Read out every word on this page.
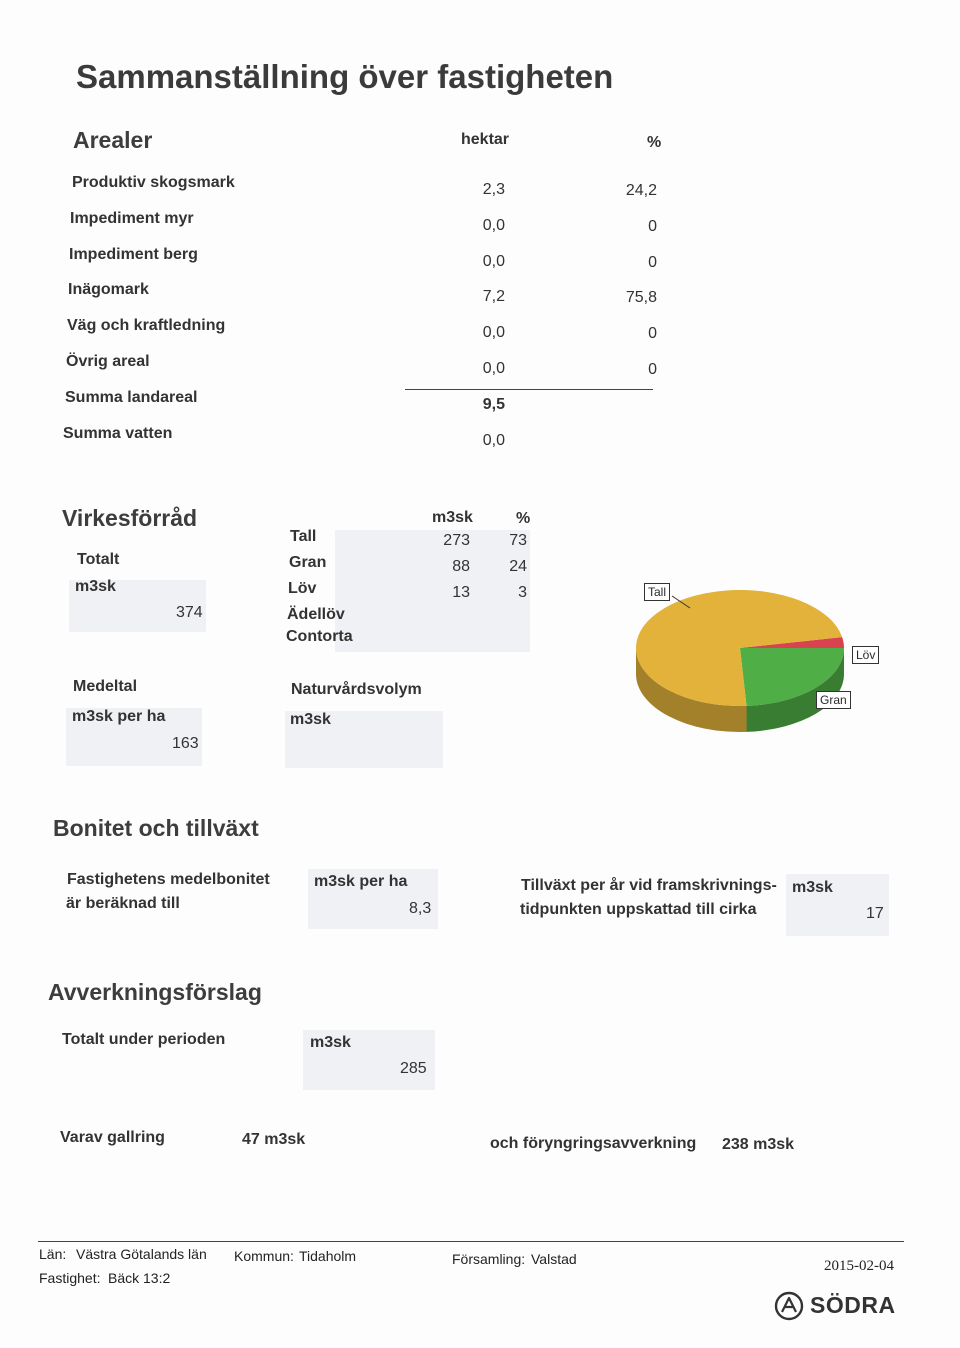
Sammanställning över fastigheten
Arealer	hektar	%
Produktiv skogsmark	2,3	24,2
Impediment myr	0,0	0
Impediment berg	0,0	0
Inägomark	7,2	75,8
Väg och kraftledning	0,0	0
Övrig areal	0,0	0
Summa landareal	9,5
Summa vatten	0,0
Virkesförråd
Totalt
m3sk
374
m3sk	%
Tall	273	73
Gran	88	24
Löv	13	3
Ädellöv
Contorta
Medeltal
m3sk per ha
163
Naturvårdsvolym
m3sk
Tall
Löv
Gran
Bonitet och tillväxt
Fastighetens medelbonitet
är beräknad till
m3sk per ha
8,3
Tillväxt per år vid framskrivnings-
tidpunkten uppskattad till cirka
m3sk
17
Avverkningsförslag
Totalt under perioden	m3sk
285
Varav gallring	47 m3sk	och föryngringsavverkning 238 m3sk
Län: Västra Götalands län Kommun: Tidaholm	Församling: Valstad
Fastighet: Bäck 13:2
2015-02-04
SÖDRA
